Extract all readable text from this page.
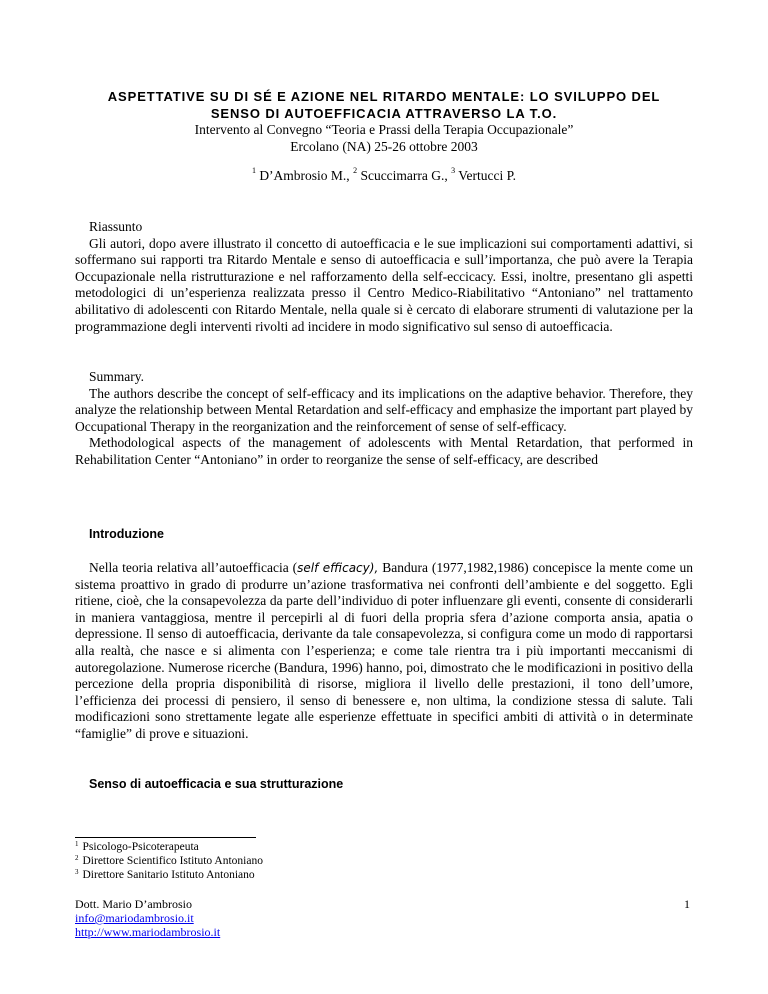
ASPETTATIVE SU DI SÉ E AZIONE NEL RITARDO MENTALE: LO SVILUPPO DEL
SENSO DI AUTOEFFICACIA ATTRAVERSO LA T.O.
Intervento al Convegno “Teoria e Prassi della Terapia Occupazionale”
Ercolano (NA) 25-26 ottobre 2003
$^1$ D’Ambrosio M., $^2$ Scuccimarra G., $^3$ Vertucci P.

Riassunto

Gli autori, dopo avere illustrato il concetto di autoefficacia e le sue implicazioni sui comportamenti adattivi, si soffermano sui rapporti tra Ritardo Mentale e senso di autoefficacia e sull’importanza, che può avere la Terapia Occupazionale nella ristrutturazione e nel rafforzamento della self-eccicacy. Essi, inoltre, presentano gli aspetti metodologici di un’esperienza realizzata presso il Centro Medico-Riabilitativo “Antoniano” nel trattamento abilitativo di adolescenti con Ritardo Mentale, nella quale si è cercato di elaborare strumenti di valutazione per la programmazione degli interventi rivolti ad incidere in modo significativo sul senso di autoefficacia.

Summary.

The authors describe the concept of self-efficacy and its implications on the adaptive behavior. Therefore, they analyze the relationship between Mental Retardation and self-efficacy and emphasize the important part played by Occupational Therapy in the reorganization and the reinforcement of sense of self-efficacy.

Methodological aspects of the management of adolescents with Mental Retardation, that performed in Rehabilitation Center “Antoniano” in order to reorganize the sense of self-efficacy, are described

Introduzione

Nella teoria relativa all’autoefficacia (self efficacy), Bandura (1977,1982,1986) concepisce la mente come un sistema proattivo in grado di produrre un’azione trasformativa nei confronti dell’ambiente e del soggetto. Egli ritiene, cioè, che la consapevolezza da parte dell’individuo di poter influenzare gli eventi, consente di considerarli in maniera vantaggiosa, mentre il percepirli al di fuori della propria sfera d’azione comporta ansia, apatia o depressione. Il senso di autoefficacia, derivante da tale consapevolezza, si configura come un modo di rapportarsi alla realtà, che nasce e si alimenta con l’esperienza; e come tale rientra tra i più importanti meccanismi di autoregolazione. Numerose ricerche (Bandura, 1996) hanno, poi, dimostrato che le modificazioni in positivo della percezione della propria disponibilità di risorse, migliora il livello delle prestazioni, il tono dell’umore, l’efficienza dei processi di pensiero, il senso di benessere e, non ultima, la condizione stessa di salute. Tali modificazioni sono strettamente legate alle esperienze effettuate in specifici ambiti di attività o in determinate “famiglie” di prove e situazioni.

Senso di autoefficacia e sua strutturazione
$^1$ Psicologo-Psicoterapeuta
$^2$ Direttore Scientifico Istituto Antoniano
$^3$ Direttore Sanitario Istituto Antoniano
Dott. Mario D’ambrosio
info@mariodambrosio.it
http://www.mariodambrosio.it
1
